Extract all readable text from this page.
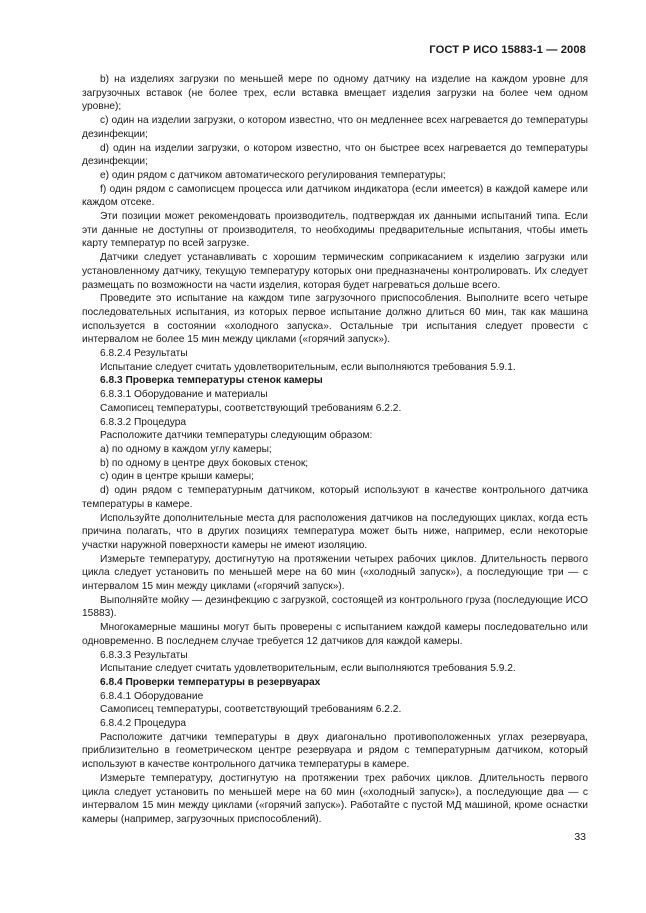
ГОСТ Р ИСО 15883-1 — 2008

b) на изделиях загрузки по меньшей мере по одному датчику на изделие на каждом уровне для загрузочных вставок (не более трех, если вставка вмещает изделия загрузки на более чем одном уровне);

c) один на изделии загрузки, о котором известно, что он медленнее всех нагревается до температуры дезинфекции;

d) один на изделии загрузки, о котором известно, что он быстрее всех нагревается до температуры дезинфекции;

e) один рядом с датчиком автоматического регулирования температуры;

f) один рядом с самописцем процесса или датчиком индикатора (если имеется) в каждой камере или каждом отсеке.

Эти позиции может рекомендовать производитель, подтверждая их данными испытаний типа. Если эти данные не доступны от производителя, то необходимы предварительные испытания, чтобы иметь карту температур по всей загрузке.

Датчики следует устанавливать с хорошим термическим соприкасанием к изделию загрузки или установленному датчику, текущую температуру которых они предназначены контролировать. Их следует размещать по возможности на части изделия, которая будет нагреваться дольше всего.

Проведите это испытание на каждом типе загрузочного приспособления. Выполните всего четыре последовательных испытания, из которых первое испытание должно длиться 60 мин, так как машина используется в состоянии «холодного запуска». Остальные три испытания следует провести с интервалом не более 15 мин между циклами («горячий запуск»).

6.8.2.4 Результаты

Испытание следует считать удовлетворительным, если выполняются требования 5.9.1.

6.8.3 Проверка температуры стенок камеры

6.8.3.1 Оборудование и материалы

Самописец температуры, соответствующий требованиям 6.2.2.

6.8.3.2 Процедура

Расположите датчики температуры следующим образом:

a) по одному в каждом углу камеры;

b) по одному в центре двух боковых стенок;

c) один в центре крыши камеры;

d) один рядом с температурным датчиком, который используют в качестве контрольного датчика температуры в камере.

Используйте дополнительные места для расположения датчиков на последующих циклах, когда есть причина полагать, что в других позициях температура может быть ниже, например, если некоторые участки наружной поверхности камеры не имеют изоляцию.

Измерьте температуру, достигнутую на протяжении четырех рабочих циклов. Длительность первого цикла следует установить по меньшей мере на 60 мин («холодный запуск»), а последующие три — с интервалом 15 мин между циклами («горячий запуск»).

Выполняйте мойку — дезинфекцию с загрузкой, состоящей из контрольного груза (последующие ИСО 15883).

Многокамерные машины могут быть проверены с испытанием каждой камеры последовательно или одновременно. В последнем случае требуется 12 датчиков для каждой камеры.

6.8.3.3 Результаты

Испытание следует считать удовлетворительным, если выполняются требования 5.9.2.

6.8.4 Проверки температуры в резервуарах

6.8.4.1 Оборудование

Самописец температуры, соответствующий требованиям 6.2.2.

6.8.4.2 Процедура

Расположите датчики температуры в двух диагонально противоположенных углах резервуара, приблизительно в геометрическом центре резервуара и рядом с температурным датчиком, который используют в качестве контрольного датчика температуры в камере.

Измерьте температуру, достигнутую на протяжении трех рабочих циклов. Длительность первого цикла следует установить по меньшей мере на 60 мин («холодный запуск»), а последующие два — с интервалом 15 мин между циклами («горячий запуск»). Работайте с пустой МД машиной, кроме оснастки камеры (например, загрузочных приспособлений).

33
